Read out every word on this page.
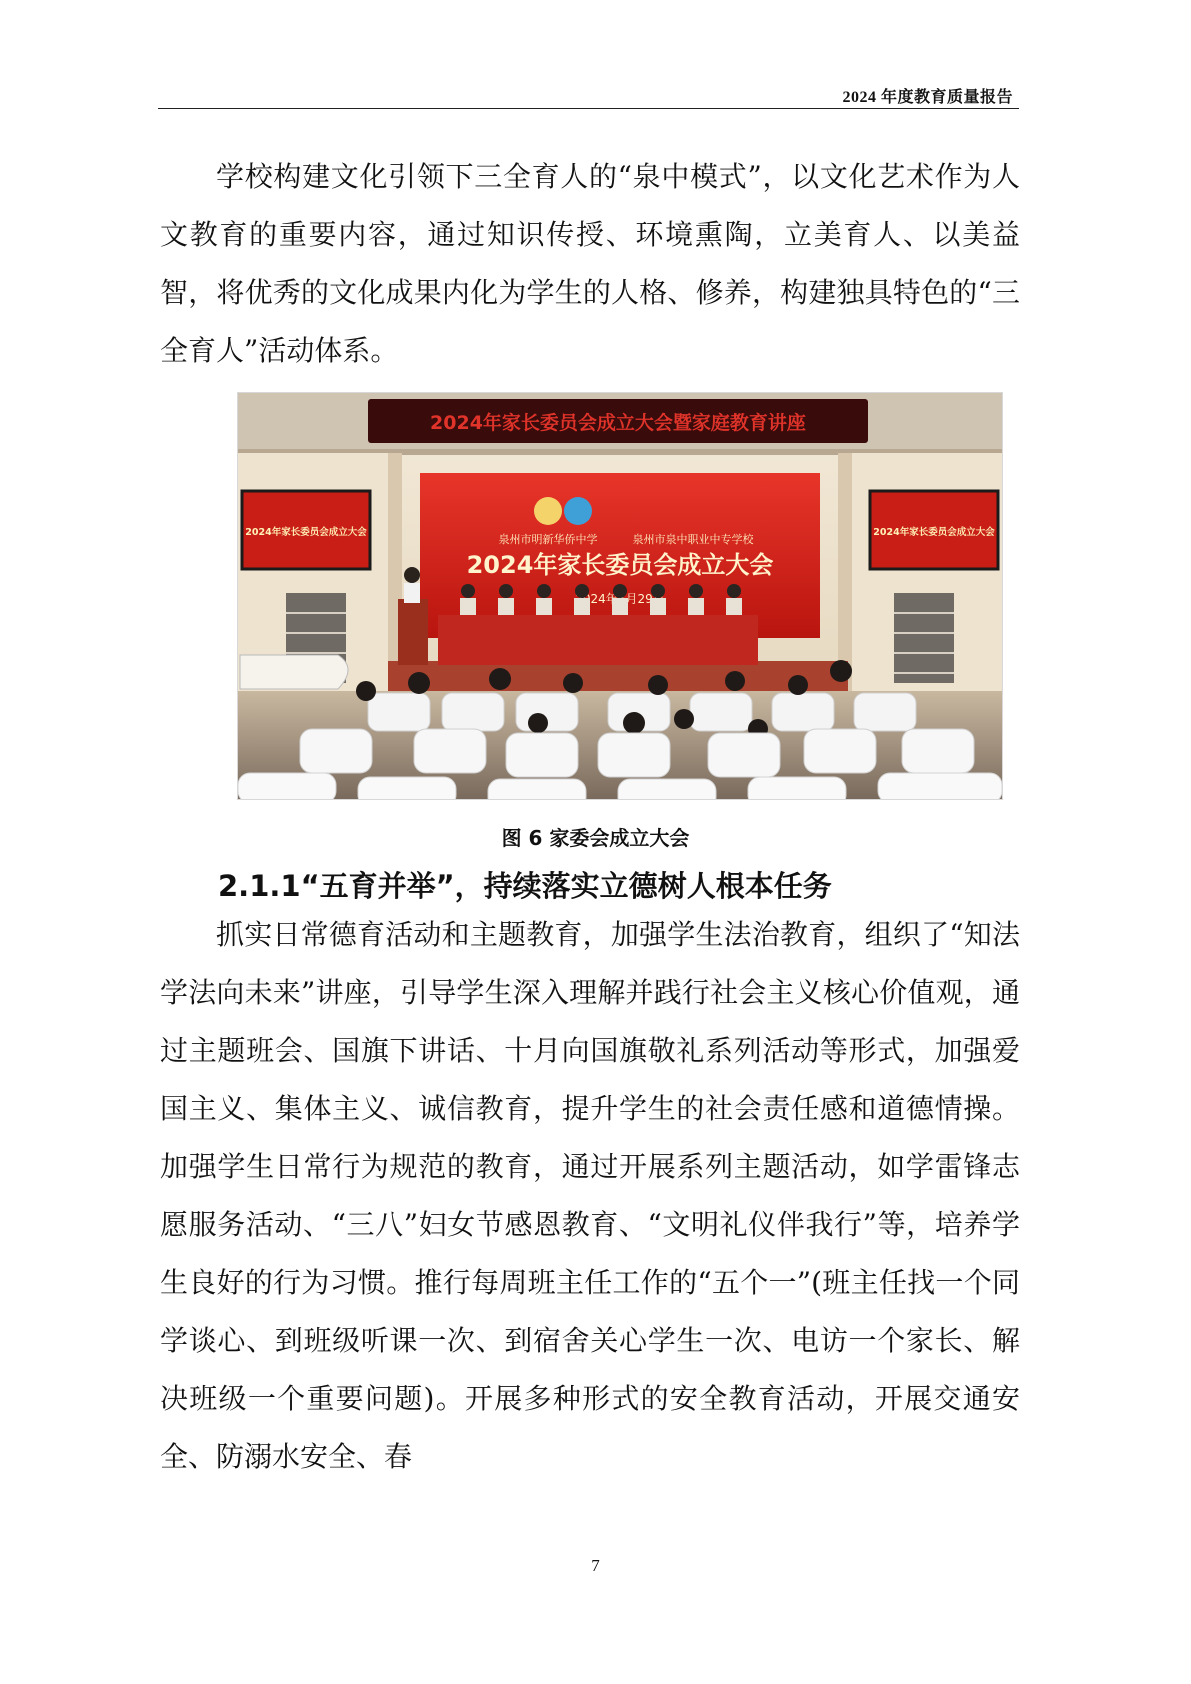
2024 年度教育质量报告

学校构建文化引领下三全育人的“泉中模式”，以文化艺术作为人文教育的重要内容，通过知识传授、环境熏陶，立美育人、以美益智，将优秀的文化成果内化为学生的人格、修养，构建独具特色的“三全育人”活动体系。

2024年家长委员会成立大会暨家庭教育讲座
泉州市明新华侨中学	泉州市泉中职业中专学校
2024年家长委员会成立大会
2024年家长委员会成立大会	2024年家长委员会成立大会
图 6 家委会成立大会
2.1.1“五育并举”，持续落实立德树人根本任务

抓实日常德育活动和主题教育，加强学生法治教育，组织了“知法学法向未来”讲座，引导学生深入理解并践行社会主义核心价值观，通过主题班会、国旗下讲话、十月向国旗敬礼系列活动等形式，加强爱国主义、集体主义、诚信教育，提升学生的社会责任感和道德情操。加强学生日常行为规范的教育，通过开展系列主题活动，如学雷锋志愿服务活动、“三八”妇女节感恩教育、“文明礼仪伴我行”等，培养学生良好的行为习惯。推行每周班主任工作的“五个一”(班主任找一个同学谈心、到班级听课一次、到宿舍关心学生一次、电访一个家长、解决班级一个重要问题)。开展多种形式的安全教育活动，开展交通安全、防溺水安全、春

7
